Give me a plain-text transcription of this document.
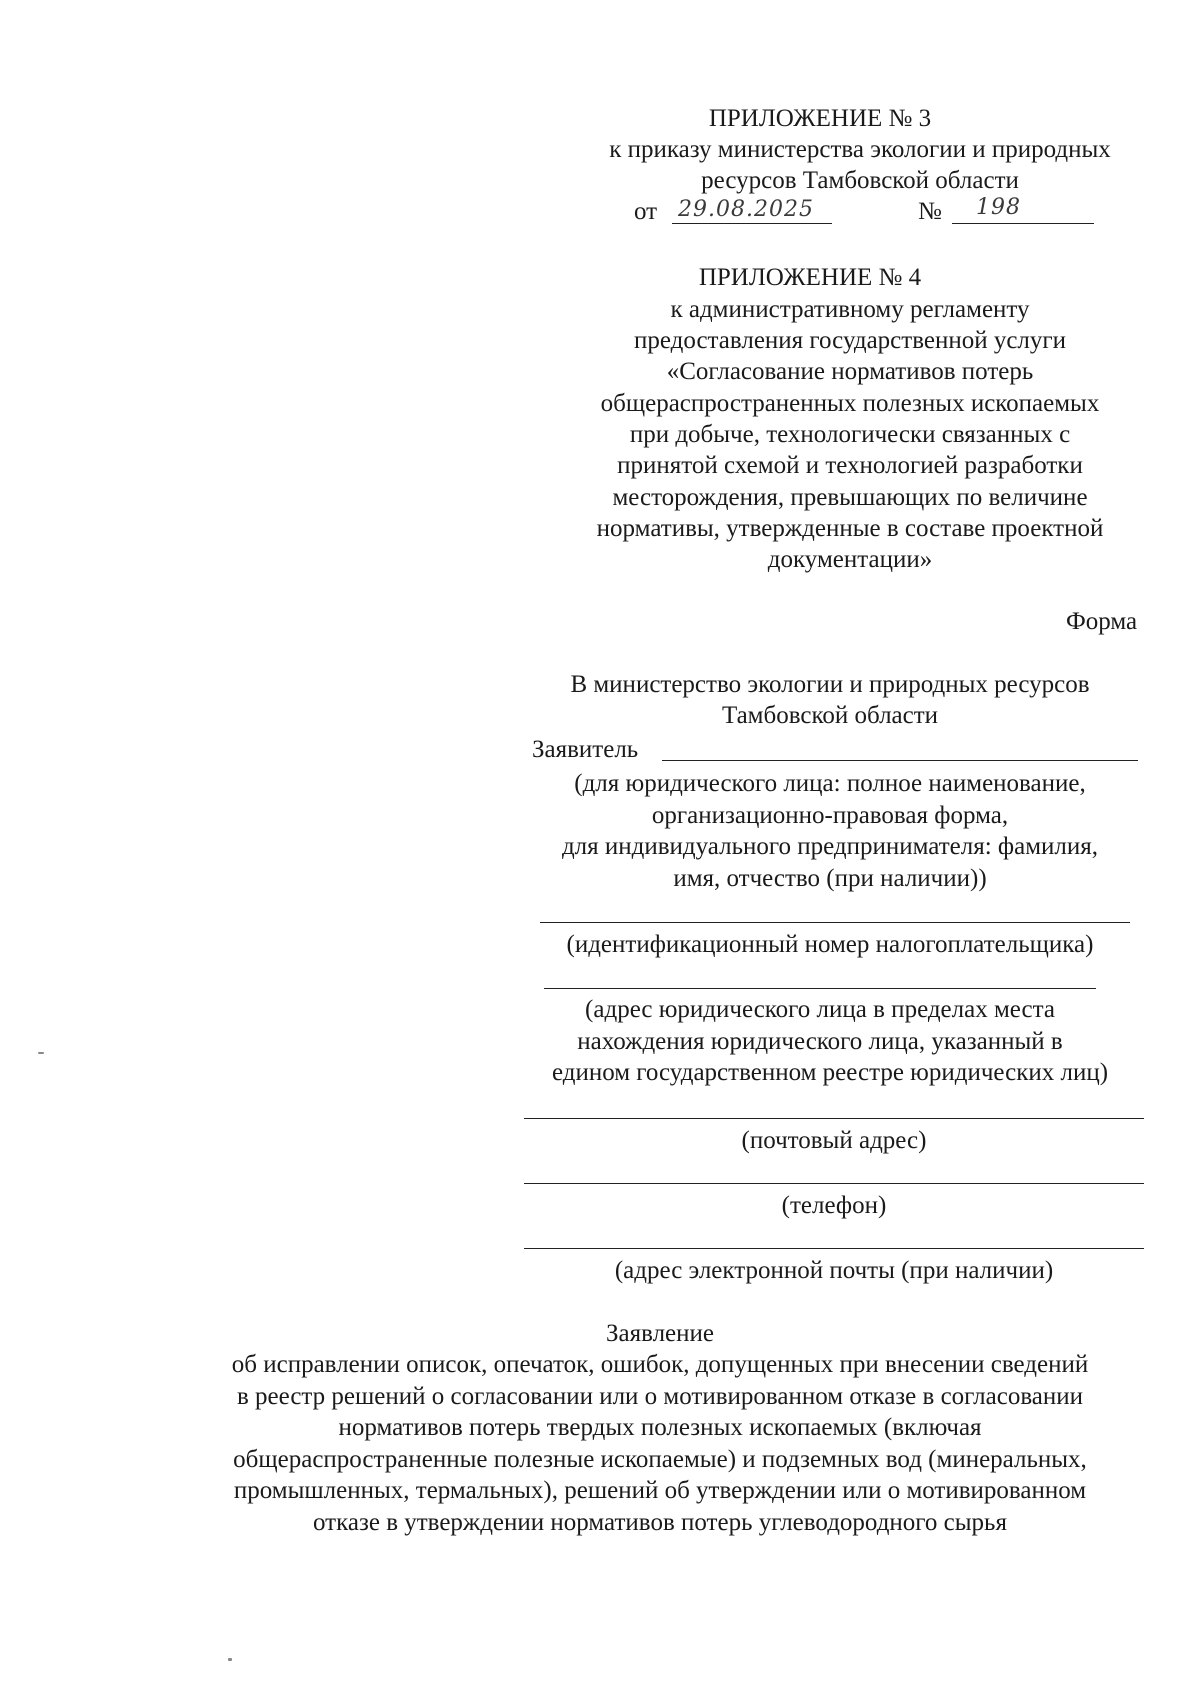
ПРИЛОЖЕНИЕ № 3
к приказу министерства экологии и природных
ресурсов Тамбовской области
от 29.08.2025	№ 198
ПРИЛОЖЕНИЕ № 4
к административному регламенту
предоставления государственной услуги
«Согласование нормативов потерь
общераспространенных полезных ископаемых
при добыче, технологически связанных с
принятой схемой и технологией разработки
месторождения, превышающих по величине
нормативы, утвержденные в составе проектной
документации»
Форма
В министерство экологии и природных ресурсов
Тамбовской области
Заявитель
(для юридического лица: полное наименование,
организационно-правовая форма,
для индивидуального предпринимателя: фамилия,
имя, отчество (при наличии))
(идентификационный номер налогоплательщика)
(адрес юридического лица в пределах места
нахождения юридического лица, указанный в
едином государственном реестре юридических лиц)
(почтовый адрес)
(телефон)
(адрес электронной почты (при наличии)
Заявление
об исправлении описок, опечаток, ошибок, допущенных при внесении сведений
в реестр решений о согласовании или о мотивированном отказе в согласовании
нормативов потерь твердых полезных ископаемых (включая
общераспространенные полезные ископаемые) и подземных вод (минеральных,
промышленных, термальных), решений об утверждении или о мотивированном
отказе в утверждении нормативов потерь углеводородного сырья
